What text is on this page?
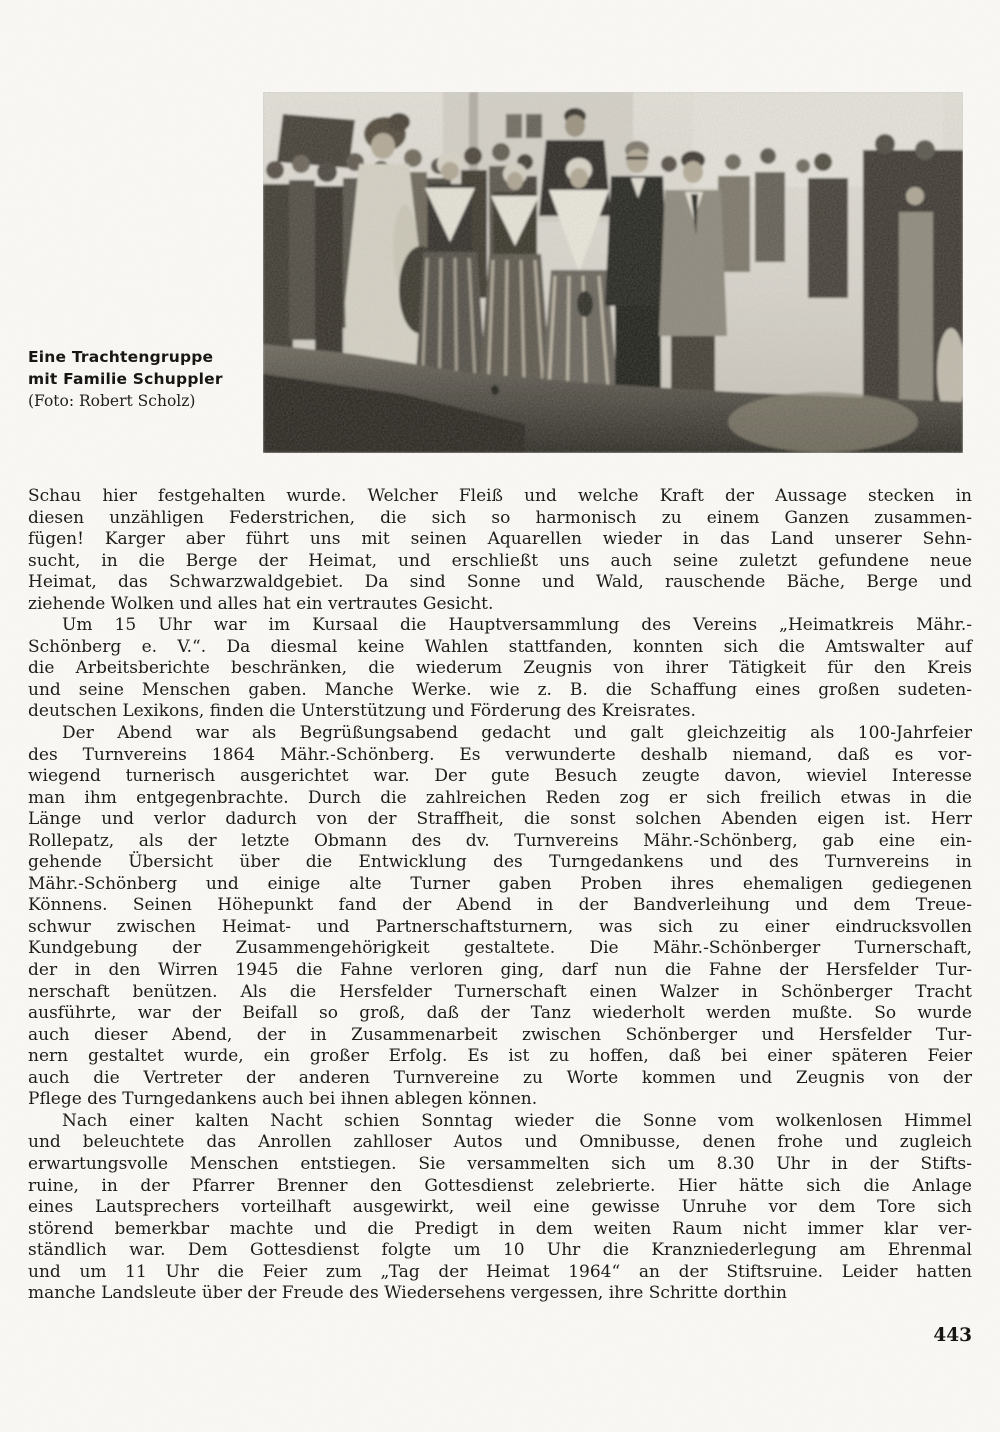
Eine Trachtengruppe
mit Familie Schuppler
(Foto: Robert Scholz)
Schau hier festgehalten wurde. Welcher Fleiß und welche Kraft der Aussage stecken in
diesen unzähligen Federstrichen, die sich so harmonisch zu einem Ganzen zusammen-
fügen! Karger aber führt uns mit seinen Aquarellen wieder in das Land unserer Sehn-
sucht, in die Berge der Heimat, und erschließt uns auch seine zuletzt gefundene neue
Heimat, das Schwarzwaldgebiet. Da sind Sonne und Wald, rauschende Bäche, Berge und
ziehende Wolken und alles hat ein vertrautes Gesicht.
Um 15 Uhr war im Kursaal die Hauptversammlung des Vereins „Heimatkreis Mähr.-
Schönberg e. V.“. Da diesmal keine Wahlen stattfanden, konnten sich die Amtswalter auf
die Arbeitsberichte beschränken, die wiederum Zeugnis von ihrer Tätigkeit für den Kreis
und seine Menschen gaben. Manche Werke. wie z. B. die Schaffung eines großen sudeten-
deutschen Lexikons, finden die Unterstützung und Förderung des Kreisrates.
Der Abend war als Begrüßungsabend gedacht und galt gleichzeitig als 100-Jahrfeier
des Turnvereins 1864 Mähr.-Schönberg. Es verwunderte deshalb niemand, daß es vor-
wiegend turnerisch ausgerichtet war. Der gute Besuch zeugte davon, wieviel Interesse
man ihm entgegenbrachte. Durch die zahlreichen Reden zog er sich freilich etwas in die
Länge und verlor dadurch von der Straffheit, die sonst solchen Abenden eigen ist. Herr
Rollepatz, als der letzte Obmann des dv. Turnvereins Mähr.-Schönberg, gab eine ein-
gehende Übersicht über die Entwicklung des Turngedankens und des Turnvereins in
Mähr.-Schönberg und einige alte Turner gaben Proben ihres ehemaligen gediegenen
Könnens. Seinen Höhepunkt fand der Abend in der Bandverleihung und dem Treue-
schwur zwischen Heimat- und Partnerschaftsturnern, was sich zu einer eindrucksvollen
Kundgebung der Zusammengehörigkeit gestaltete. Die Mähr.-Schönberger Turnerschaft,
der in den Wirren 1945 die Fahne verloren ging, darf nun die Fahne der Hersfelder Tur-
nerschaft benützen. Als die Hersfelder Turnerschaft einen Walzer in Schönberger Tracht
ausführte, war der Beifall so groß, daß der Tanz wiederholt werden mußte. So wurde
auch dieser Abend, der in Zusammenarbeit zwischen Schönberger und Hersfelder Tur-
nern gestaltet wurde, ein großer Erfolg. Es ist zu hoffen, daß bei einer späteren Feier
auch die Vertreter der anderen Turnvereine zu Worte kommen und Zeugnis von der
Pflege des Turngedankens auch bei ihnen ablegen können.
Nach einer kalten Nacht schien Sonntag wieder die Sonne vom wolkenlosen Himmel
und beleuchtete das Anrollen zahlloser Autos und Omnibusse, denen frohe und zugleich
erwartungsvolle Menschen entstiegen. Sie versammelten sich um 8.30 Uhr in der Stifts-
ruine, in der Pfarrer Brenner den Gottesdienst zelebrierte. Hier hätte sich die Anlage
eines Lautsprechers vorteilhaft ausgewirkt, weil eine gewisse Unruhe vor dem Tore sich
störend bemerkbar machte und die Predigt in dem weiten Raum nicht immer klar ver-
ständlich war. Dem Gottesdienst folgte um 10 Uhr die Kranzniederlegung am Ehrenmal
und um 11 Uhr die Feier zum „Tag der Heimat 1964“ an der Stiftsruine. Leider hatten
manche Landsleute über der Freude des Wiedersehens vergessen, ihre Schritte dorthin
443
